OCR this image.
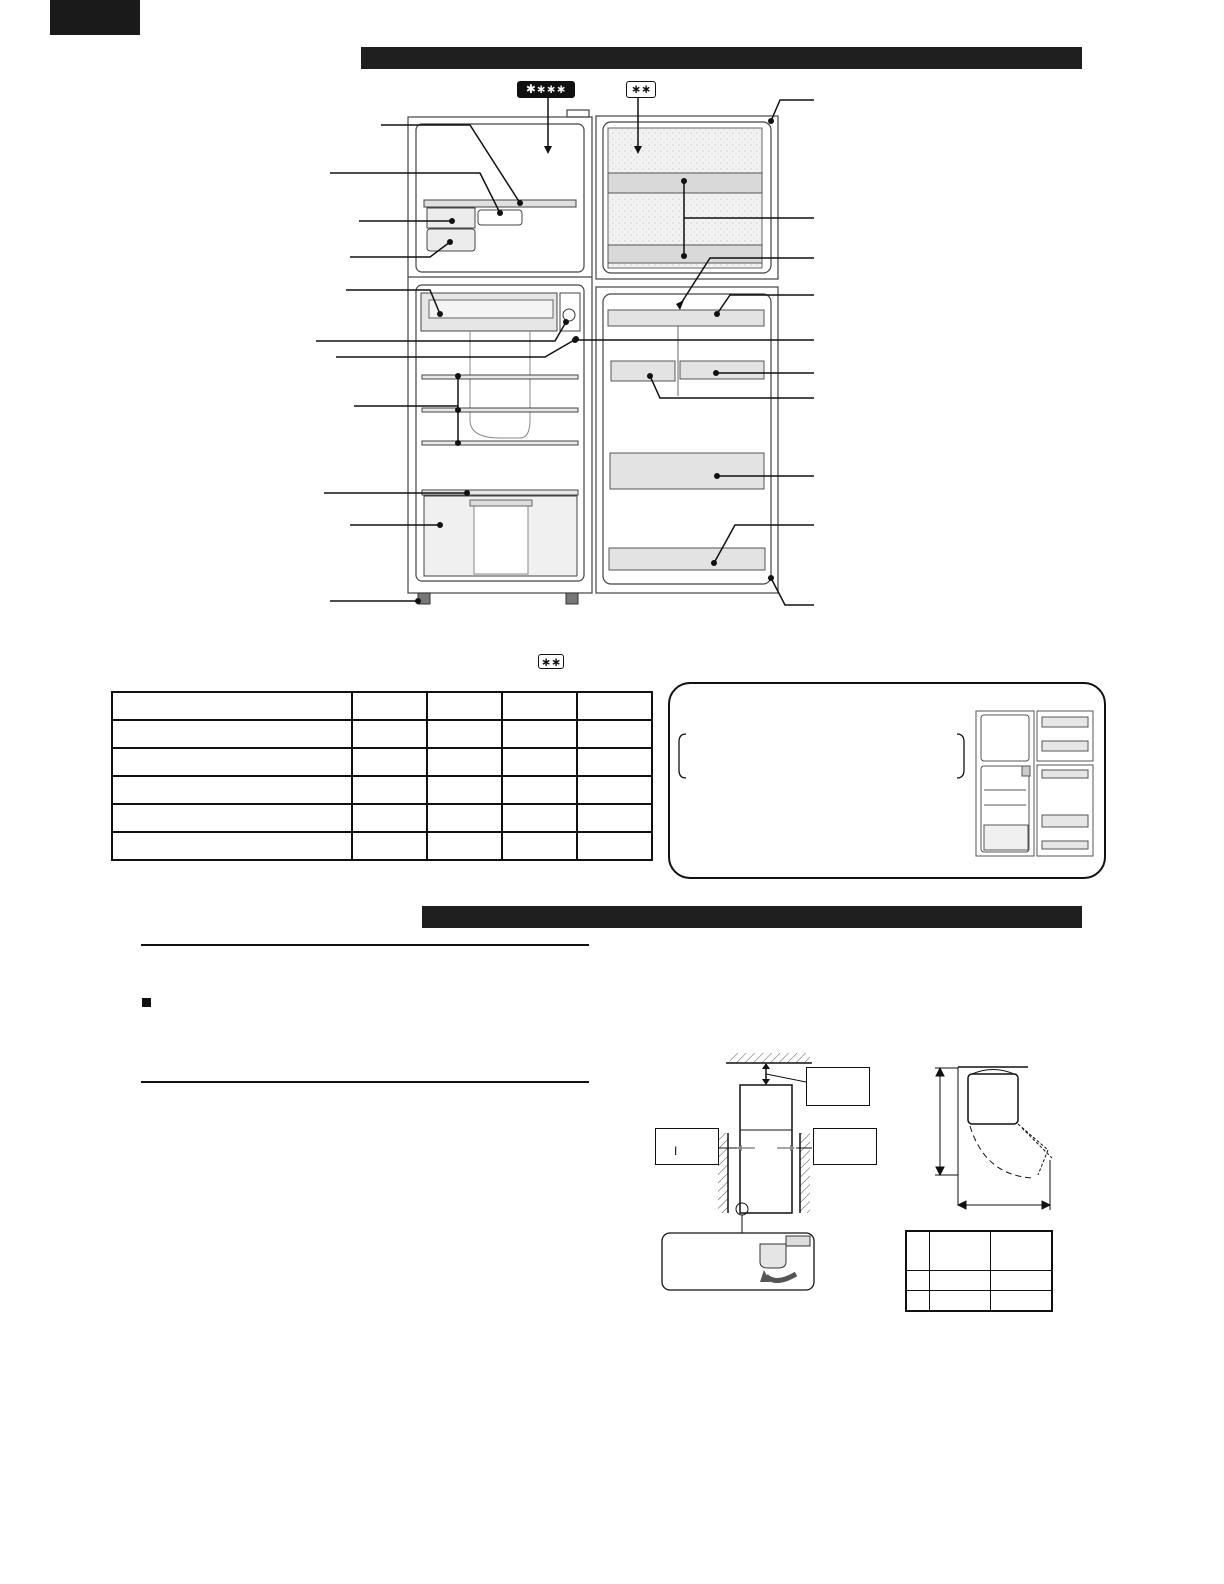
✱∗∗∗	∗∗
∗∗

I
